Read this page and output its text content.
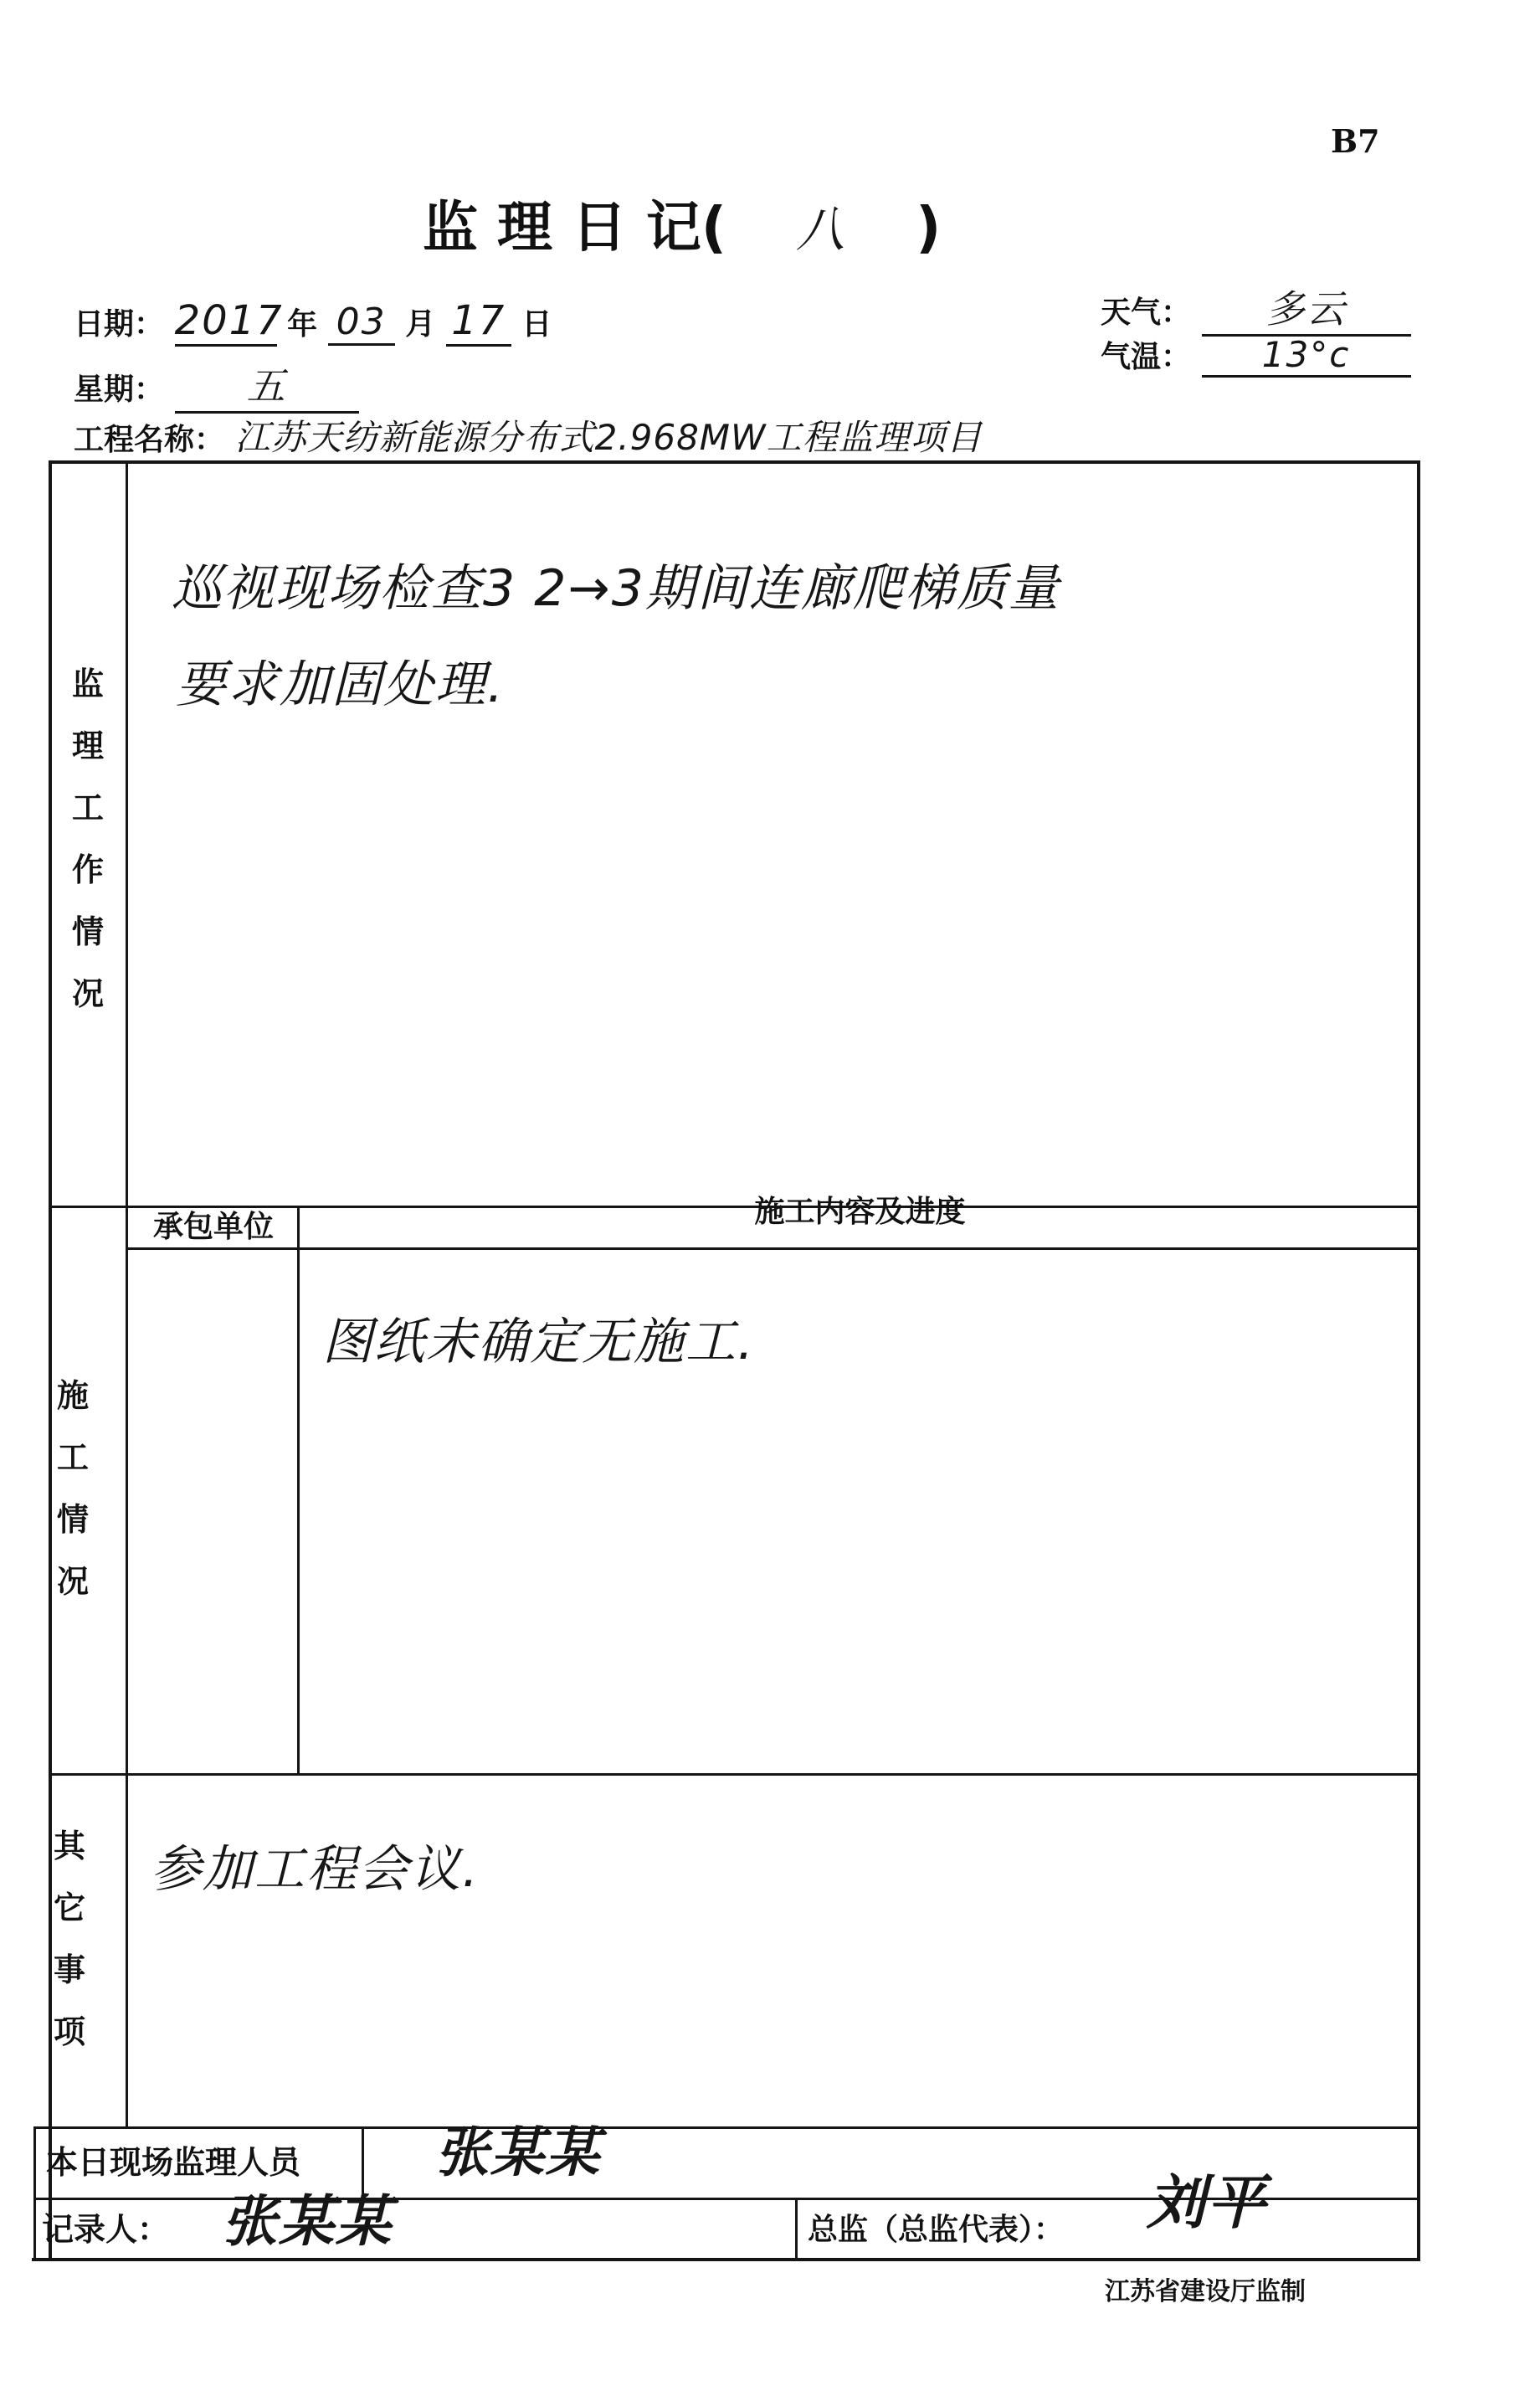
B7
监 理 日 记( 八 )
日期： 2017 年 03 月 17 日
星期： 五
天气： 多云
气温： 13°c
工程名称： 江苏天纺新能源分布式2.968MW工程监理项目
监
理
工
作
情
况
巡视现场检查3 2→3期间连廊爬梯质量
要求加固处理.
承包单位	施工内容及进度
施
工
情
况
图纸未确定无施工.
其
它
事
项
参加工程会议.
本日现场监理人员	张某某
记录人： 张某某	总监（总监代表）： 刘平
江苏省建设厅监制
